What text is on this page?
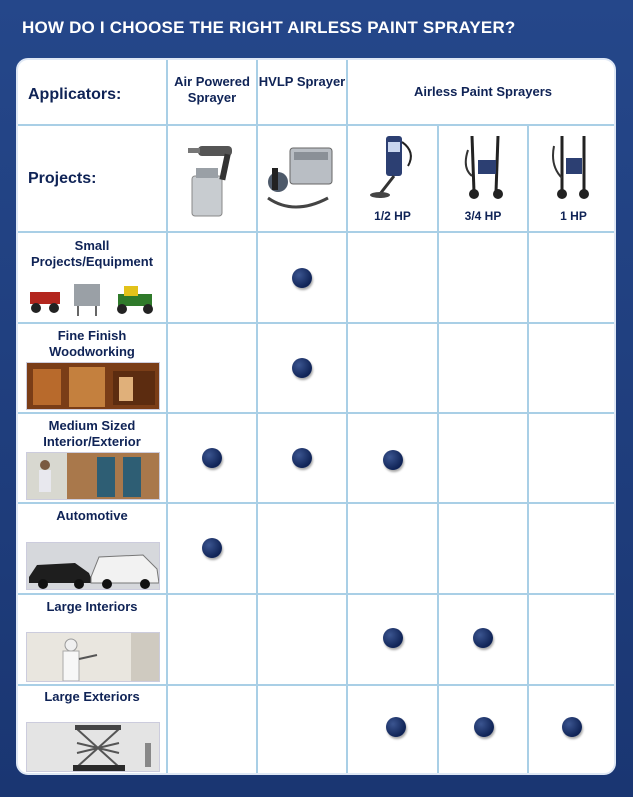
HOW DO I CHOOSE THE RIGHT AIRLESS PAINT SPRAYER?
Applicators:
Projects:
Air Powered Sprayer
HVLP Sprayer
Airless Paint Sprayers
1/2 HP	3/4 HP	1 HP
Small Projects/Equipment
Fine Finish Woodworking
Medium Sized Interior/Exterior
Automotive
Large Interiors
Large Exteriors
